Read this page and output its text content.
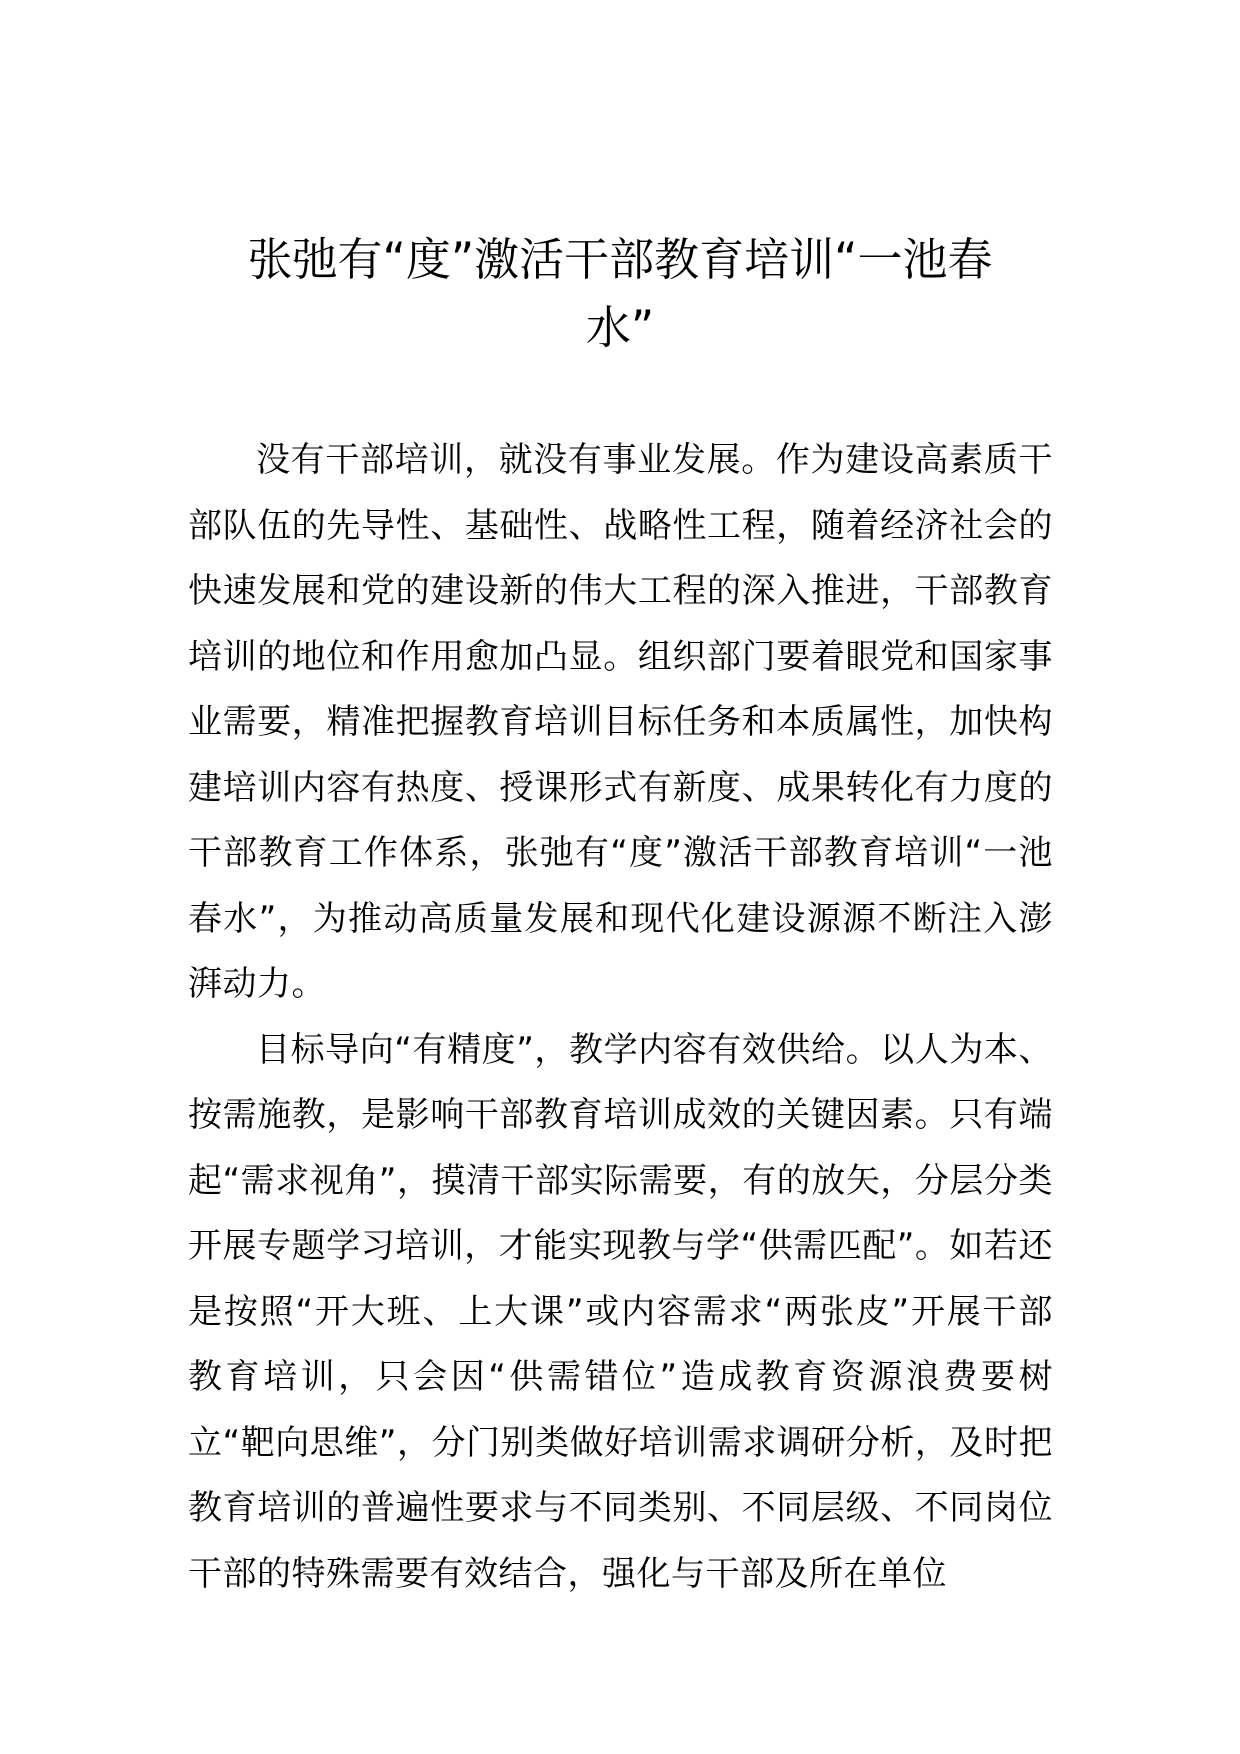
张弛有“度”激活干部教育培训“一池春
水”

没有干部培训，就没有事业发展。作为建设高素质干部队伍的先导性、基础性、战略性工程，随着经济社会的快速发展和党的建设新的伟大工程的深入推进，干部教育培训的地位和作用愈加凸显。组织部门要着眼党和国家事业需要，精准把握教育培训目标任务和本质属性，加快构建培训内容有热度、授课形式有新度、成果转化有力度的干部教育工作体系，张弛有“度”激活干部教育培训“一池春水”，为推动高质量发展和现代化建设源源不断注入澎湃动力。

目标导向“有精度”，教学内容有效供给。以人为本、按需施教，是影响干部教育培训成效的关键因素。只有端起“需求视角”，摸清干部实际需要，有的放矢，分层分类开展专题学习培训，才能实现教与学“供需匹配”。如若还是按照“开大班、上大课”或内容需求“两张皮”开展干部教育培训，只会因“供需错位”造成教育资源浪费要树立“靶向思维”，分门别类做好培训需求调研分析，及时把教育培训的普遍性要求与不同类别、不同层级、不同岗位干部的特殊需要有效结合，强化与干部及所在单位
